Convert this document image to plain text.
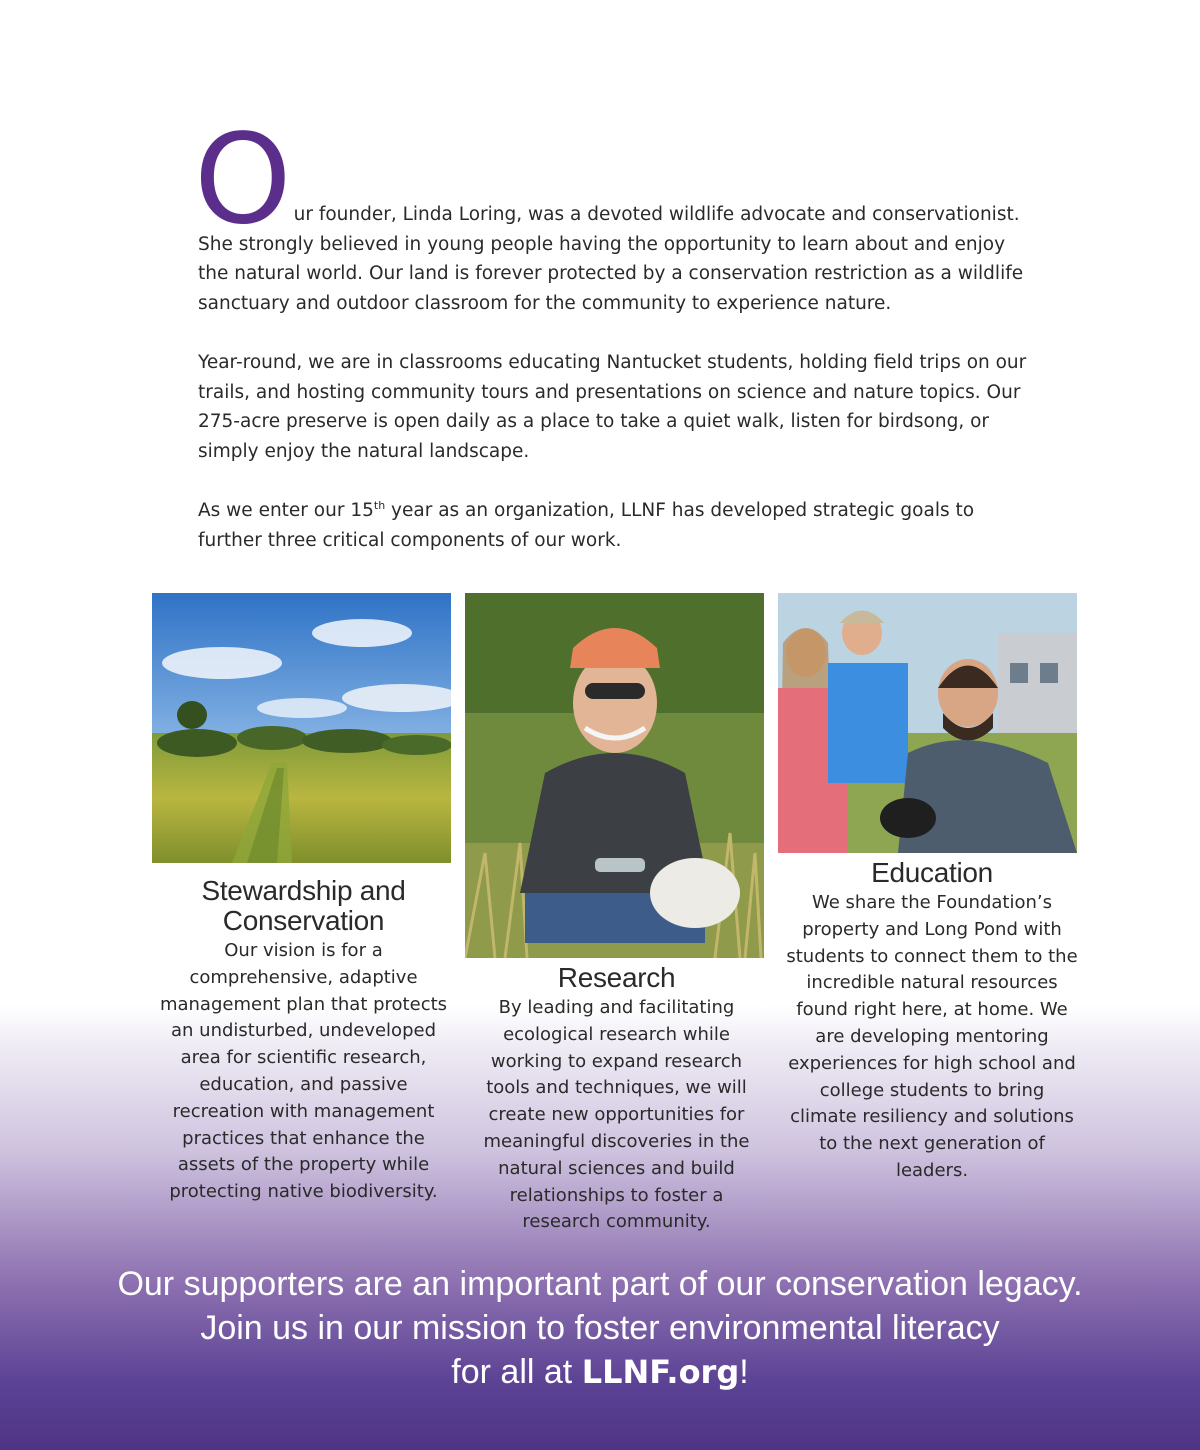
O ur founder, Linda Loring, was a devoted wildlife advocate and conservationist.
She strongly believed in young people having the opportunity to learn about and enjoy the natural world. Our land is forever protected by a conservation restriction as a wildlife sanctuary and outdoor classroom for the community to experience nature.

Year-round, we are in classrooms educating Nantucket students, holding field trips on our trails, and hosting community tours and presentations on science and nature topics. Our 275-acre preserve is open daily as a place to take a quiet walk, listen for birdsong, or simply enjoy the natural landscape.

As we enter our 15th year as an organization, LLNF has developed strategic goals to further three critical components of our work.

Stewardship and
Conservation

Our vision is for a comprehensive, adaptive management plan that protects an undisturbed, undeveloped area for scientific research, education, and passive recreation with management practices that enhance the assets of the property while protecting native biodiversity.

Research

By leading and facilitating ecological research while working to expand research tools and techniques, we will create new opportunities for meaningful discoveries in the natural sciences and build relationships to foster a research community.

Education

We share the Foundation’s property and Long Pond with students to connect them to the incredible natural resources found right here, at home. We are developing mentoring experiences for high school and college students to bring climate resiliency and solutions to the next generation of leaders.

Our supporters are an important part of our conservation legacy.
Join us in our mission to foster environmental literacy
for all at LLNF.org!
